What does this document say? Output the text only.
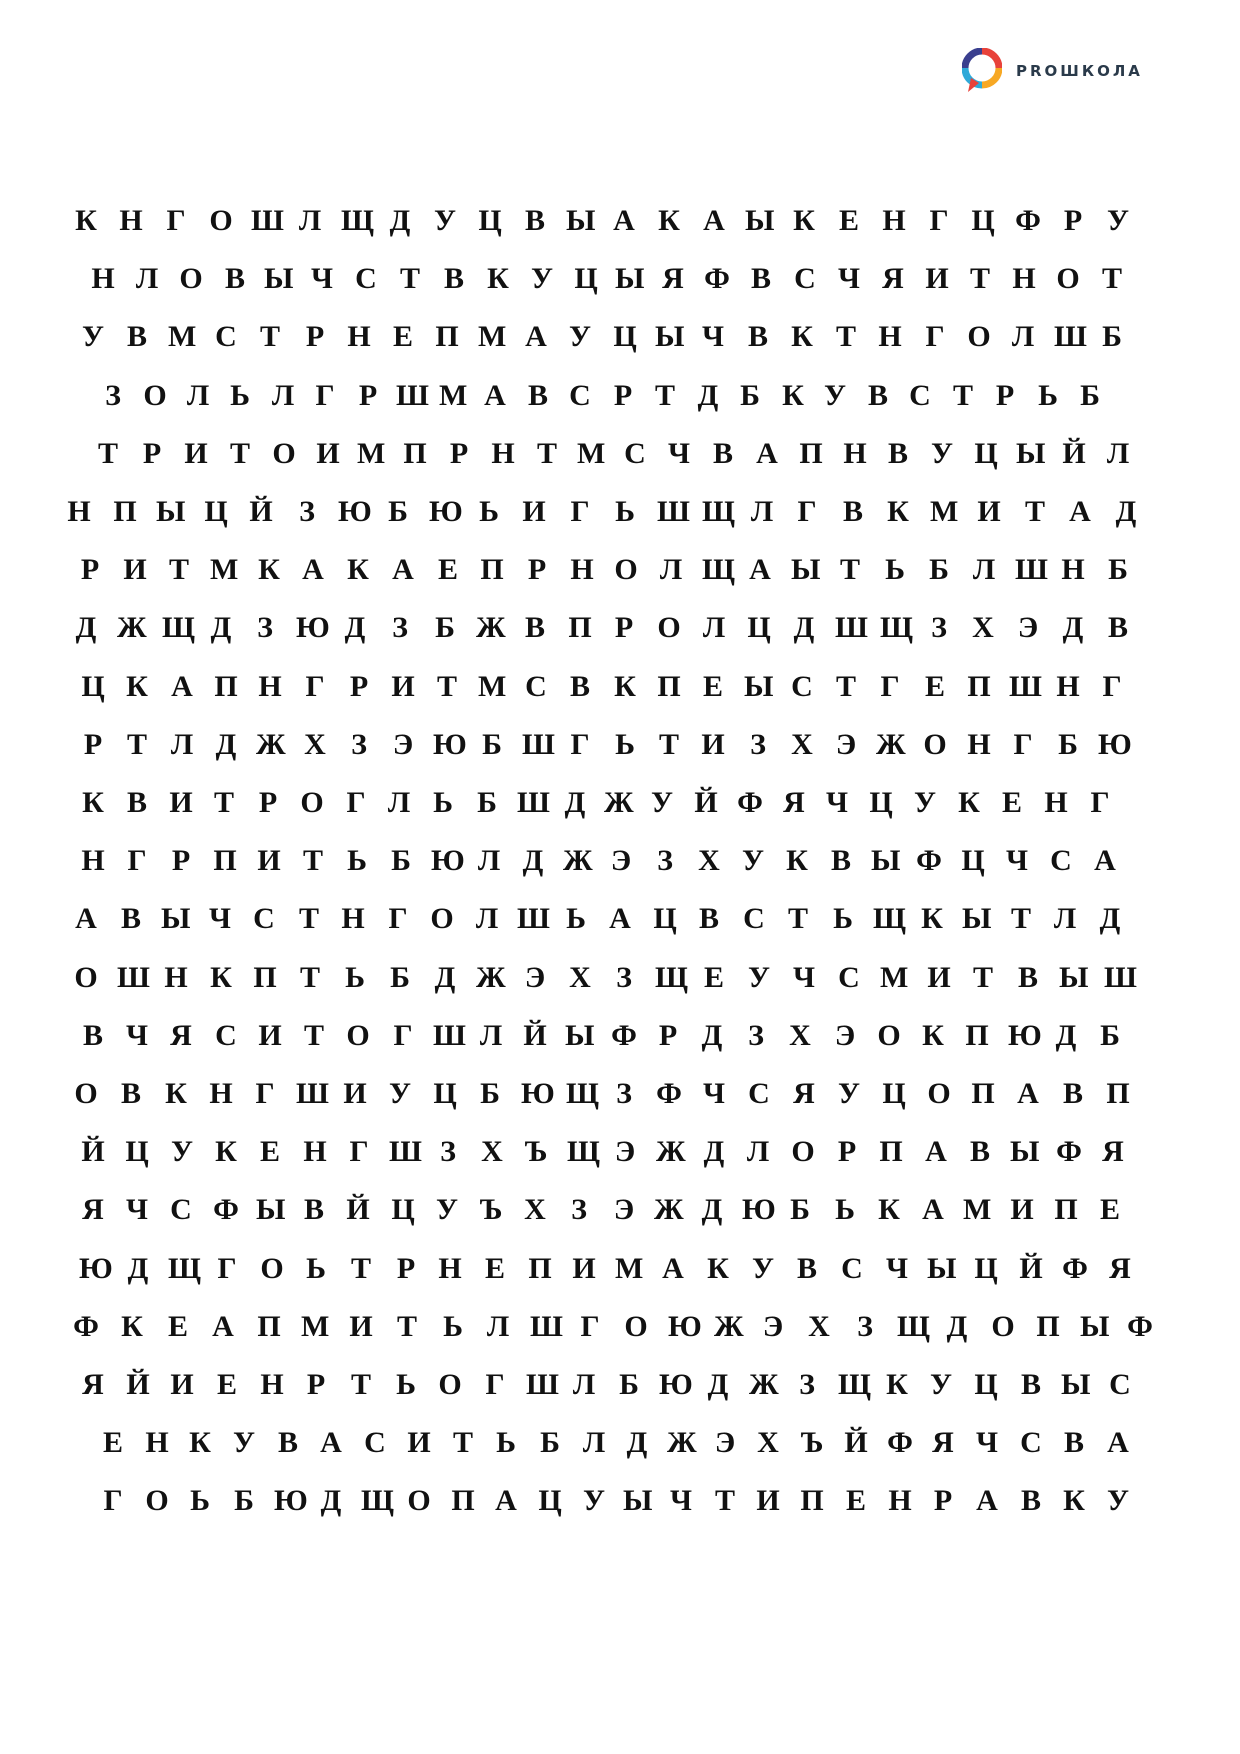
PROШКОЛА
К Н Г О Ш Л Щ Д У Ц В Ы А К А Ы К Е Н Г Ц Ф Р У
Н Л О В Ы Ч С Т В К У Ц Ы Я Ф В С Ч Я И Т Н О Т
У В М С Т Р Н Е П М А У Ц Ы Ч В К Т Н Г О Л Ш Б
З О Л Ь Л Г Р Ш М А В С Р Т Д Б К У В С Т Р Ь Б
Т Р И Т О И М П Р Н Т М С Ч В А П Н В У Ц Ы Й Л
Н П Ы Ц Й З Ю Б Ю Ь И Г Ь Ш Щ Л Г В К М И Т А Д
Р И Т М К А К А Е П Р Н О Л Щ А Ы Т Ь Б Л Ш Н Б
Д Ж Щ Д З Ю Д З Б Ж В П Р О Л Ц Д Ш Щ З Х Э Д В
Ц К А П Н Г Р И Т М С В К П Е Ы С Т Г Е П Ш Н Г
Р Т Л Д Ж Х З Э Ю Б Ш Г Ь Т И З Х Э Ж О Н Г Б Ю
К В И Т Р О Г Л Ь Б Ш Д Ж У Й Ф Я Ч Ц У К Е Н Г
Н Г Р П И Т Ь Б Ю Л Д Ж Э З Х У К В Ы Ф Ц Ч С А
А В Ы Ч С Т Н Г О Л Ш Ь А Ц В С Т Ь Щ К Ы Т Л Д
О Ш Н К П Т Ь Б Д Ж Э Х З Щ Е У Ч С М И Т В Ы Ш
В Ч Я С И Т О Г Ш Л Й Ы Ф Р Д З Х Э О К П Ю Д Б
О В К Н Г Ш И У Ц Б Ю Щ З Ф Ч С Я У Ц О П А В П
Й Ц У К Е Н Г Ш З Х Ъ Щ Э Ж Д Л О Р П А В Ы Ф Я
Я Ч С Ф Ы В Й Ц У Ъ Х З Э Ж Д Ю Б Ь К А М И П Е
Ю Д Щ Г О Ь Т Р Н Е П И М А К У В С Ч Ы Ц Й Ф Я
Ф К Е А П М И Т Ь Л Ш Г О Ю Ж Э Х З Щ Д О П Ы Ф
Я Й И Е Н Р Т Ь О Г Ш Л Б Ю Д Ж З Щ К У Ц В Ы С
Е Н К У В А С И Т Ь Б Л Д Ж Э Х Ъ Й Ф Я Ч С В А
Г О Ь Б Ю Д Щ О П А Ц У Ы Ч Т И П Е Н Р А В К У
